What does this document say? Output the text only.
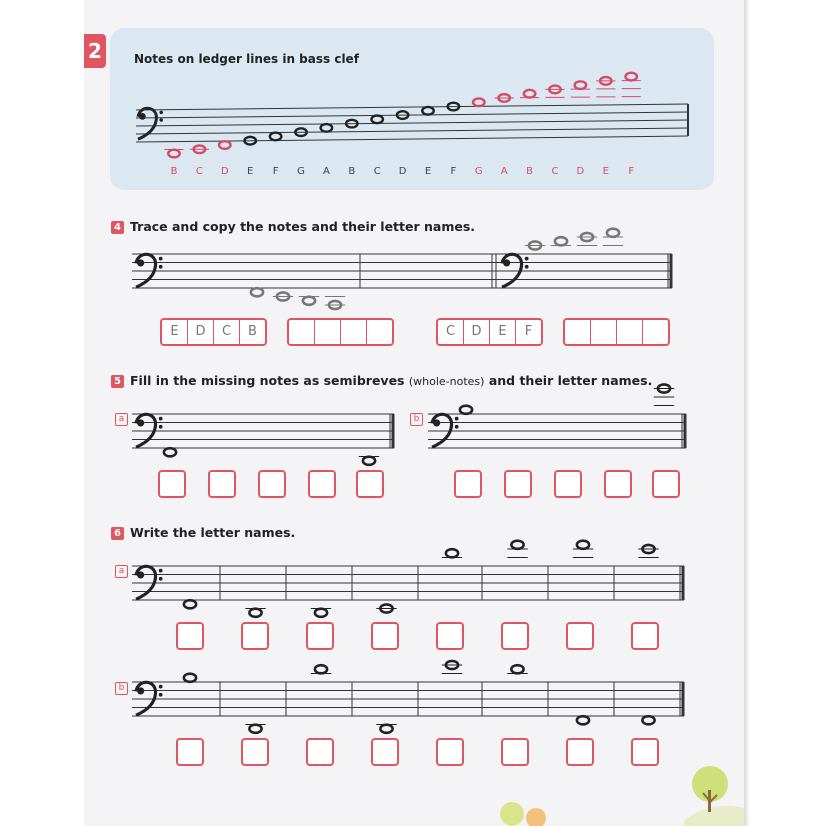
2	Notes on ledger lines in bass clef
B C D E F G A B C D E F G A B C D E F
4 Trace and copy the notes and their letter names.
E	D	C	B	C	D	E	F
5 Fill in the missing notes as semibreves (whole-notes) and their letter names.
a	b
6 Write the letter names.
a
b
